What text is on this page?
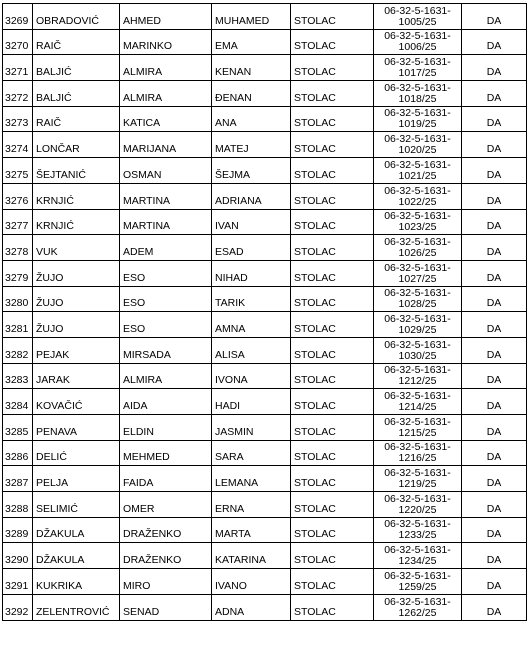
3269	OBRADOVIĆ	AHMED	MUHAMED	STOLAC	06-32-5-1631-
1005/25	DA
3270	RAIČ	MARINKO	EMA	STOLAC	06-32-5-1631-
1006/25	DA
3271	BALJIĆ	ALMIRA	KENAN	STOLAC	06-32-5-1631-
1017/25	DA
3272	BALJIĆ	ALMIRA	ĐENAN	STOLAC	06-32-5-1631-
1018/25	DA
3273	RAIČ	KATICA	ANA	STOLAC	06-32-5-1631-
1019/25	DA
3274	LONČAR	MARIJANA	MATEJ	STOLAC	06-32-5-1631-
1020/25	DA
3275	ŠEJTANIĆ	OSMAN	ŠEJMA	STOLAC	06-32-5-1631-
1021/25	DA
3276	KRNJIĆ	MARTINA	ADRIANA	STOLAC	06-32-5-1631-
1022/25	DA
3277	KRNJIĆ	MARTINA	IVAN	STOLAC	06-32-5-1631-
1023/25	DA
3278	VUK	ADEM	ESAD	STOLAC	06-32-5-1631-
1026/25	DA
3279	ŽUJO	ESO	NIHAD	STOLAC	06-32-5-1631-
1027/25	DA
3280	ŽUJO	ESO	TARIK	STOLAC	06-32-5-1631-
1028/25	DA
3281	ŽUJO	ESO	AMNA	STOLAC	06-32-5-1631-
1029/25	DA
3282	PEJAK	MIRSADA	ALISA	STOLAC	06-32-5-1631-
1030/25	DA
3283	JARAK	ALMIRA	IVONA	STOLAC	06-32-5-1631-
1212/25	DA
3284	KOVAČIĆ	AIDA	HADI	STOLAC	06-32-5-1631-
1214/25	DA
3285	PENAVA	ELDIN	JASMIN	STOLAC	06-32-5-1631-
1215/25	DA
3286	DELIĆ	MEHMED	SARA	STOLAC	06-32-5-1631-
1216/25	DA
3287	PELJA	FAIDA	LEMANA	STOLAC	06-32-5-1631-
1219/25	DA
3288	SELIMIĆ	OMER	ERNA	STOLAC	06-32-5-1631-
1220/25	DA
3289	DŽAKULA	DRAŽENKO	MARTA	STOLAC	06-32-5-1631-
1233/25	DA
3290	DŽAKULA	DRAŽENKO	KATARINA	STOLAC	06-32-5-1631-
1234/25	DA
3291	KUKRIKA	MIRO	IVANO	STOLAC	06-32-5-1631-
1259/25	DA
3292	ZELENTROVIĆ	SENAD	ADNA	STOLAC	06-32-5-1631-
1262/25	DA
